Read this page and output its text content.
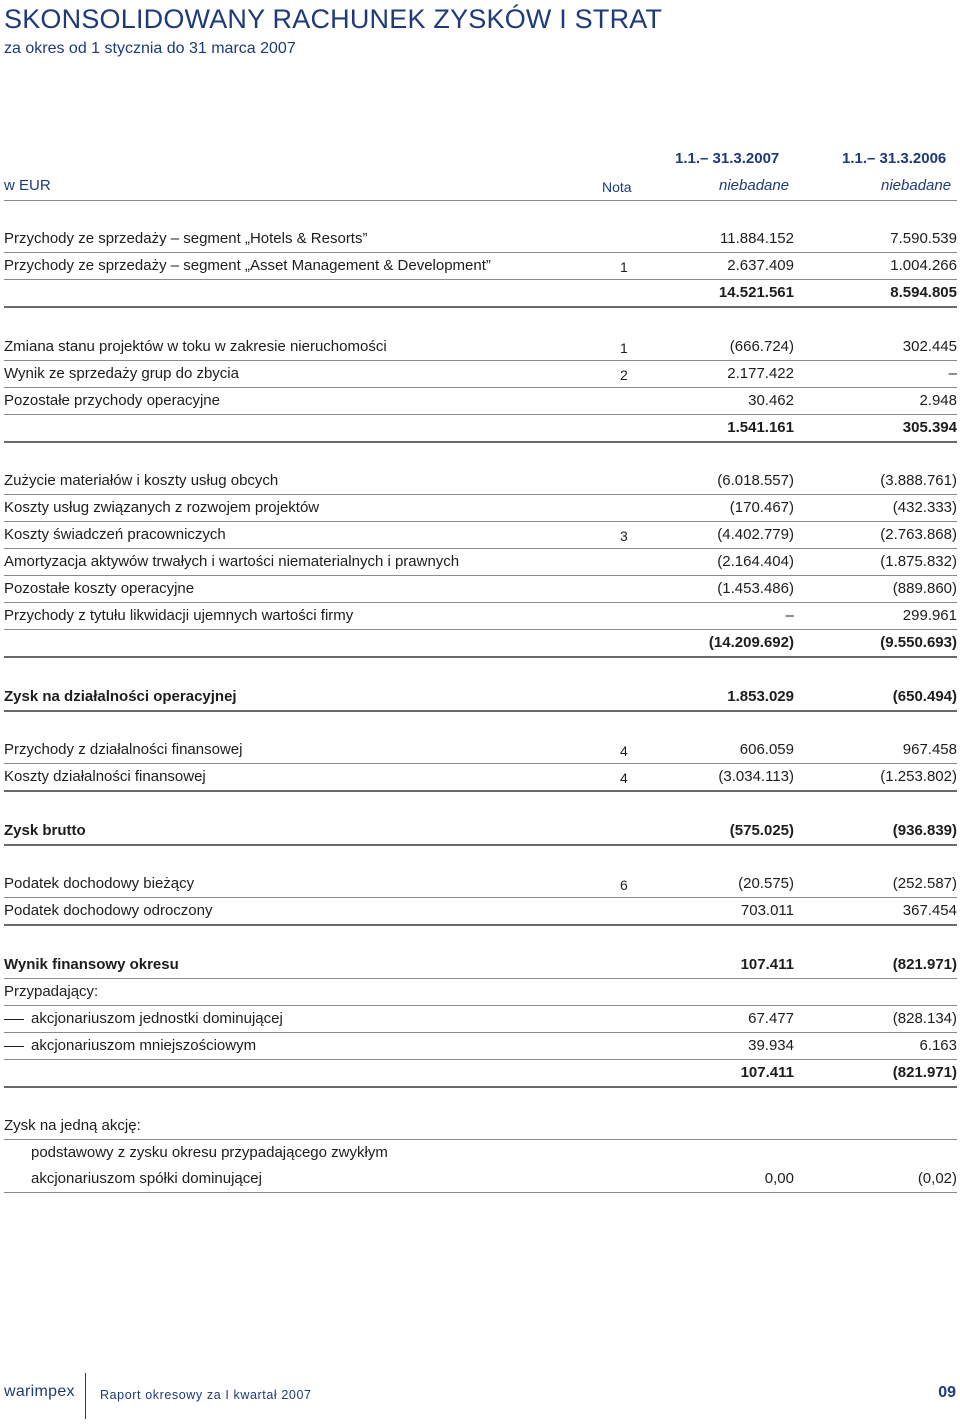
SKONSOLIDOWANY RACHUNEK ZYSKÓW I STRAT

za okres od 1 stycznia do 31 marca 2007

1.1.– 31.3.2007	1.1.– 31.3.2006
w EUR	Nota	niebadane	niebadane
Przychody ze sprzedaży – segment „Hotels & Resorts”	11.884.152	7.590.539
Przychody ze sprzedaży – segment „Asset Management & Development”	1	2.637.409	1.004.266
14.521.561	8.594.805
Zmiana stanu projektów w toku w zakresie nieruchomości	1	(666.724)	302.445
Wynik ze sprzedaży grup do zbycia	2	2.177.422	–
Pozostałe przychody operacyjne	30.462	2.948
1.541.161	305.394
Zużycie materiałów i koszty usług obcych	(6.018.557)	(3.888.761)
Koszty usług związanych z rozwojem projektów	(170.467)	(432.333)
Koszty świadczeń pracowniczych	3	(4.402.779)	(2.763.868)
Amortyzacja aktywów trwałych i wartości niematerialnych i prawnych	(2.164.404)	(1.875.832)
Pozostałe koszty operacyjne	(1.453.486)	(889.860)
Przychody z tytułu likwidacji ujemnych wartości firmy	–	299.961
(14.209.692)	(9.550.693)
Zysk na działalności operacyjnej	1.853.029	(650.494)
Przychody z działalności finansowej	4	606.059	967.458
Koszty działalności finansowej	4	(3.034.113)	(1.253.802)
Zysk brutto	(575.025)	(936.839)
Podatek dochodowy bieżący	6	(20.575)	(252.587)
Podatek dochodowy odroczony	703.011	367.454
Wynik finansowy okresu	107.411	(821.971)
Przypadający:
akcjonariuszom jednostki dominującej	67.477	(828.134)
akcjonariuszom mniejszościowym	39.934	6.163
107.411	(821.971)
Zysk na jedną akcję:
podstawowy z zysku okresu przypadającego zwykłym
akcjonariuszom spółki dominującej	0,00	(0,02)
warimpex Raport okresowy za I kwartał 2007	09
